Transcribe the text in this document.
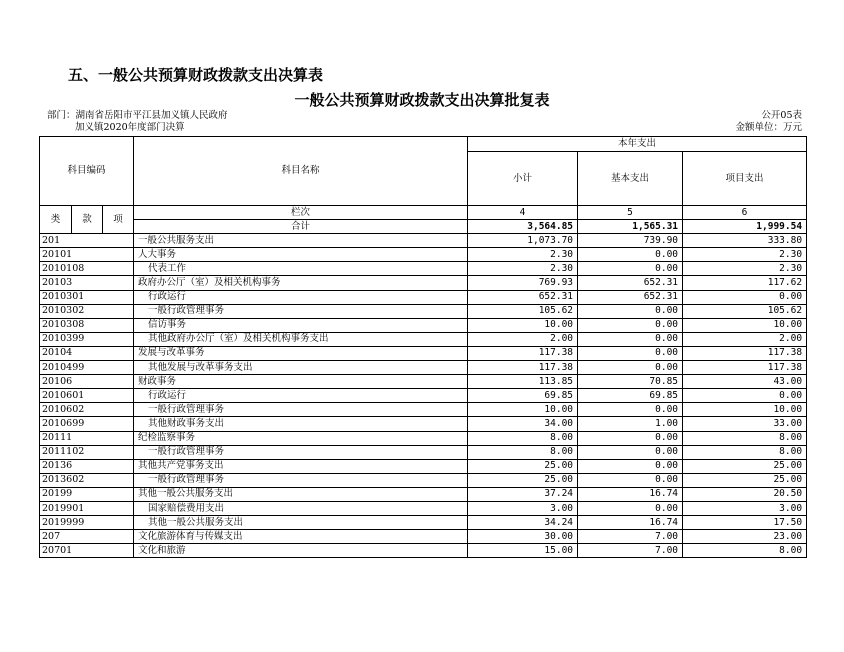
五、一般公共预算财政拨款支出决算表
一般公共预算财政拨款支出决算批复表
部门：湖南省岳阳市平江县加义镇人民政府	公开05表
加义镇2020年度部门决算	金额单位：万元
科目编码			科目名称	本年支出		
				小计	基本支出	项目支出
类	款	项	栏次	4	5	6
			合计	3,564.85	1,565.31	1,999.54
201			一般公共服务支出	1,073.70	739.90	333.80
20101			人大事务	2.30	0.00	2.30
2010108			代表工作	2.30	0.00	2.30
20103			政府办公厅（室）及相关机构事务	769.93	652.31	117.62
2010301			行政运行	652.31	652.31	0.00
2010302			一般行政管理事务	105.62	0.00	105.62
2010308			信访事务	10.00	0.00	10.00
2010399			其他政府办公厅（室）及相关机构事务支出	2.00	0.00	2.00
20104			发展与改革事务	117.38	0.00	117.38
2010499			其他发展与改革事务支出	117.38	0.00	117.38
20106			财政事务	113.85	70.85	43.00
2010601			行政运行	69.85	69.85	0.00
2010602			一般行政管理事务	10.00	0.00	10.00
2010699			其他财政事务支出	34.00	1.00	33.00
20111			纪检监察事务	8.00	0.00	8.00
2011102			一般行政管理事务	8.00	0.00	8.00
20136			其他共产党事务支出	25.00	0.00	25.00
2013602			一般行政管理事务	25.00	0.00	25.00
20199			其他一般公共服务支出	37.24	16.74	20.50
2019901			国家赔偿费用支出	3.00	0.00	3.00
2019999			其他一般公共服务支出	34.24	16.74	17.50
207			文化旅游体育与传媒支出	30.00	7.00	23.00
20701			文化和旅游	15.00	7.00	8.00
